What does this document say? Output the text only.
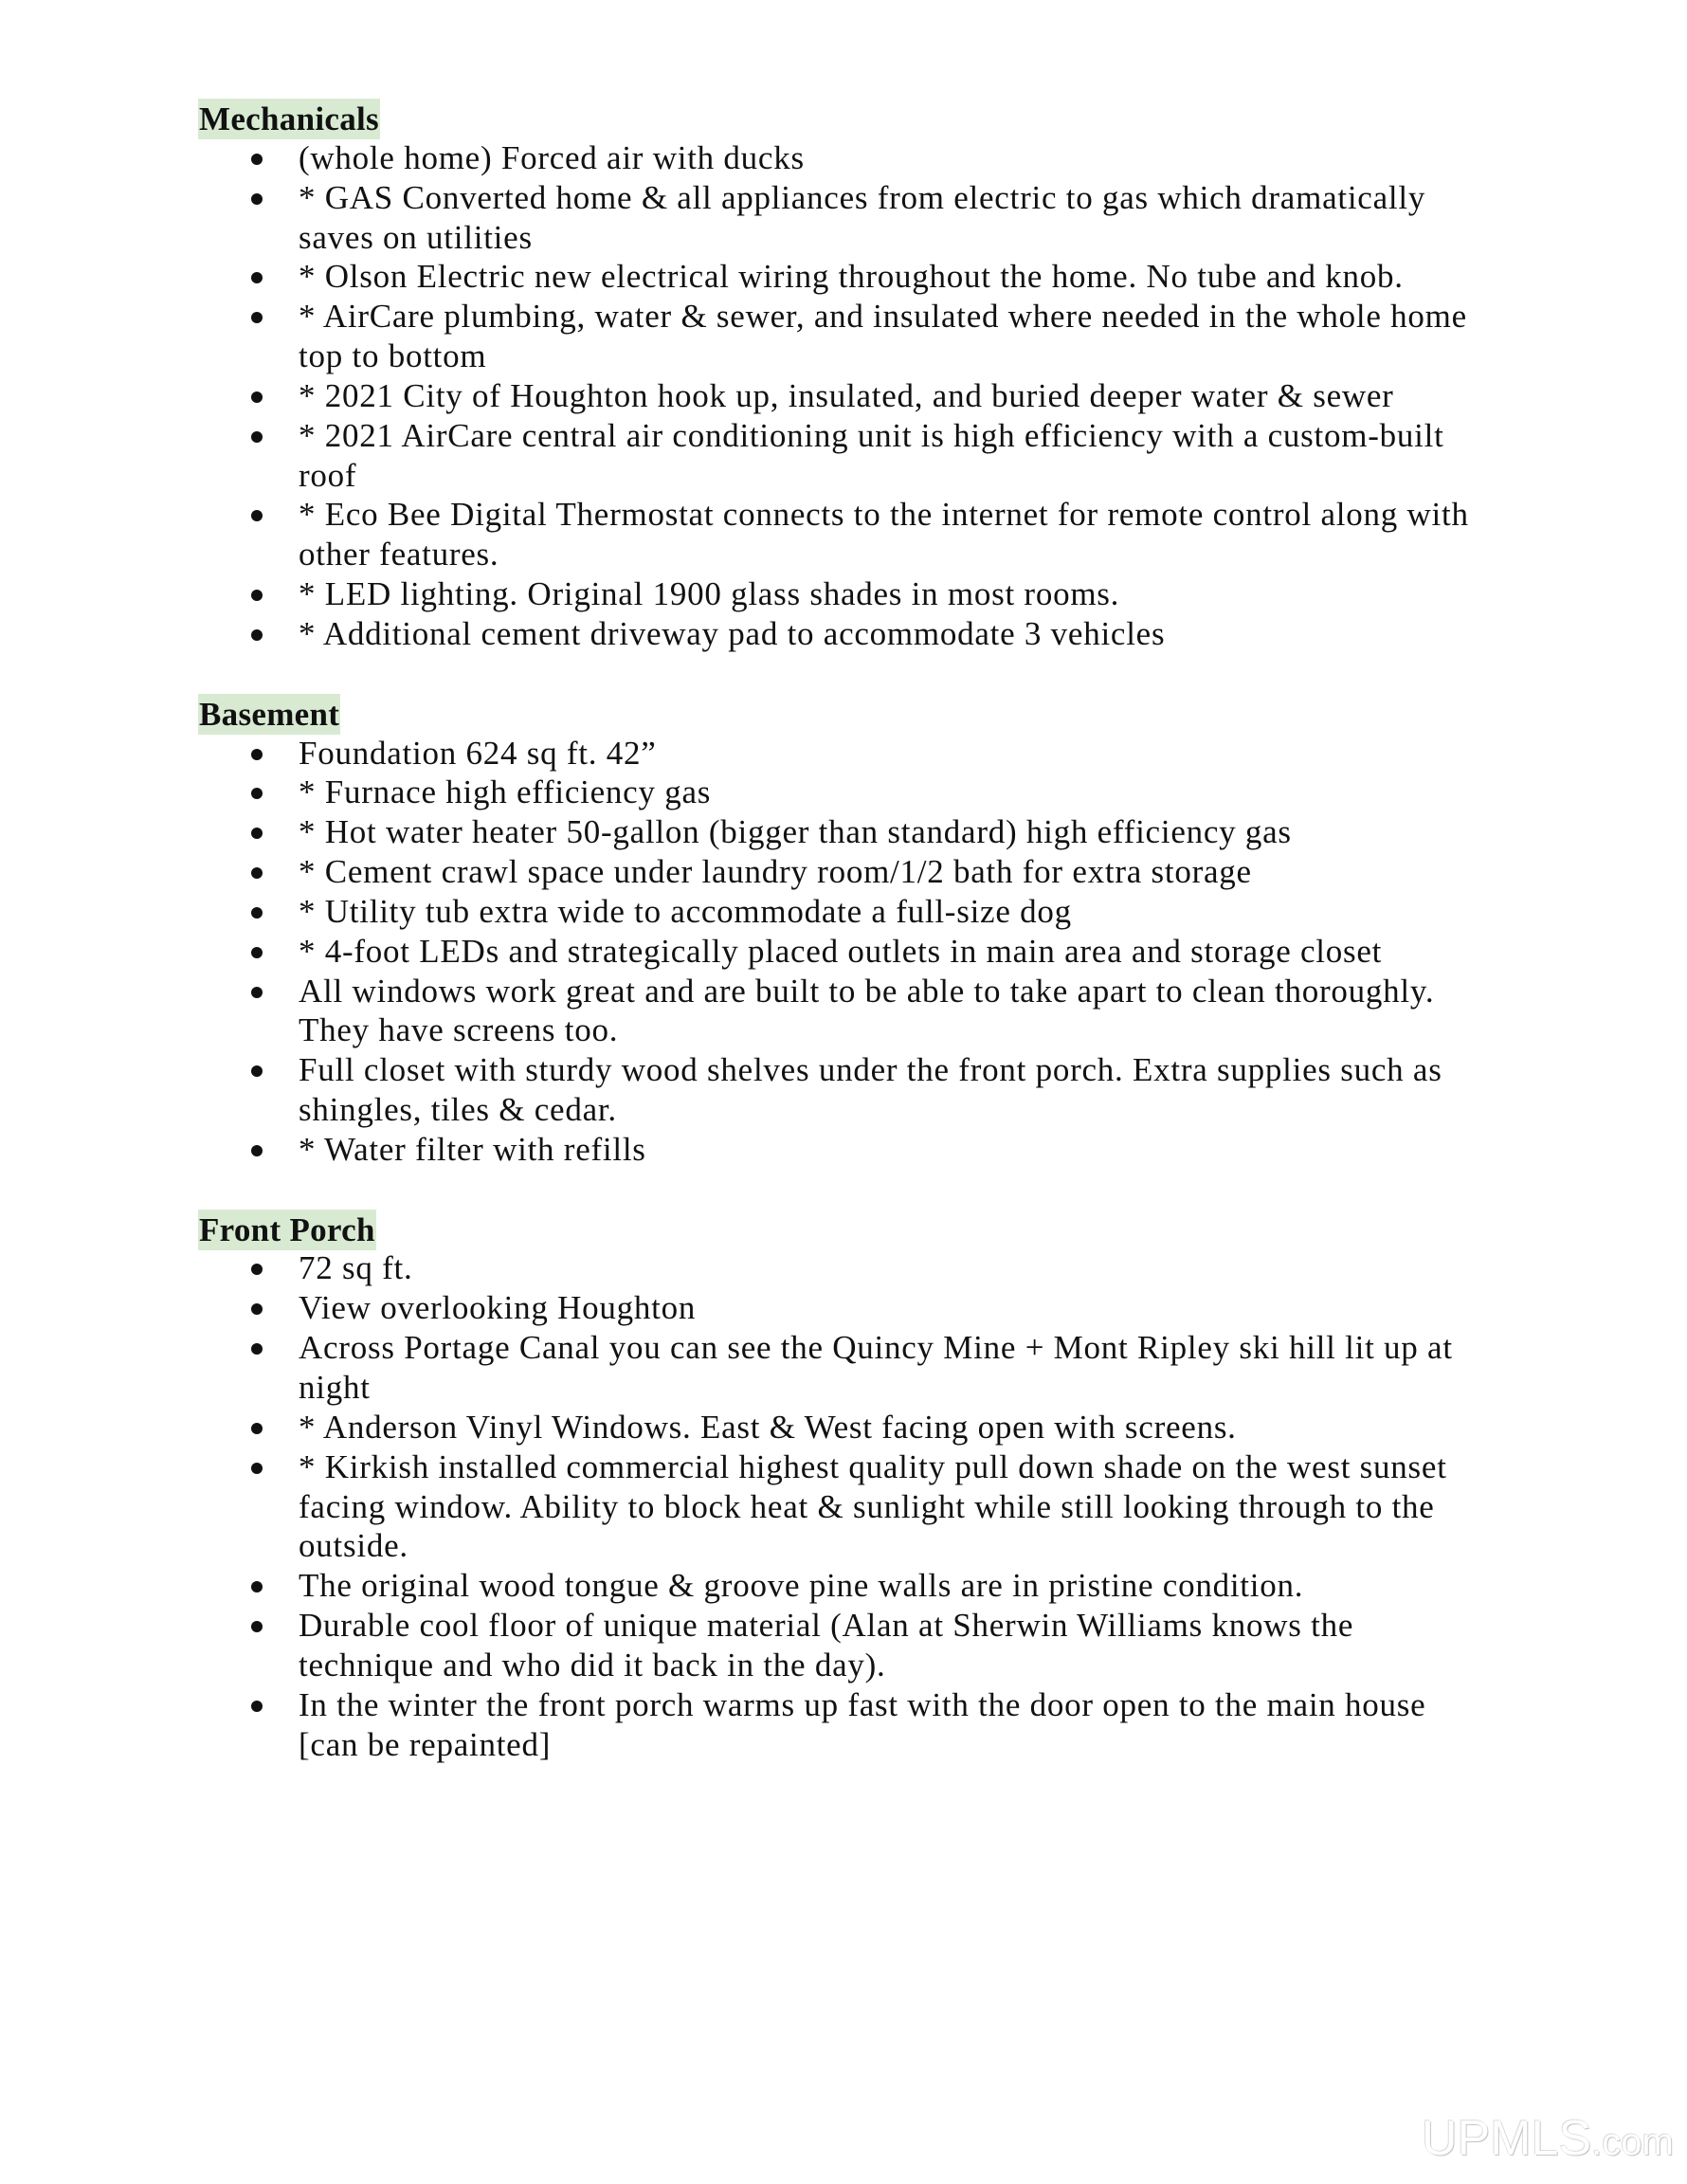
Mechanicals
(whole home) Forced air with ducks
* GAS Converted home & all appliances from electric to gas which dramatically
saves on utilities
* Olson Electric new electrical wiring throughout the home. No tube and knob.
* AirCare plumbing, water & sewer, and insulated where needed in the whole home
top to bottom
* 2021 City of Houghton hook up, insulated, and buried deeper water & sewer
* 2021 AirCare central air conditioning unit is high efficiency with a custom-built
roof
* Eco Bee Digital Thermostat connects to the internet for remote control along with
other features.
* LED lighting. Original 1900 glass shades in most rooms.
* Additional cement driveway pad to accommodate 3 vehicles
Basement
Foundation 624 sq ft. 42”
* Furnace high efficiency gas
* Hot water heater 50-gallon (bigger than standard) high efficiency gas
* Cement crawl space under laundry room/1/2 bath for extra storage
* Utility tub extra wide to accommodate a full-size dog
* 4-foot LEDs and strategically placed outlets in main area and storage closet
All windows work great and are built to be able to take apart to clean thoroughly.
They have screens too.
Full closet with sturdy wood shelves under the front porch. Extra supplies such as
shingles, tiles & cedar.
* Water filter with refills
Front Porch
72 sq ft.
View overlooking Houghton
Across Portage Canal you can see the Quincy Mine + Mont Ripley ski hill lit up at
night
* Anderson Vinyl Windows. East & West facing open with screens.
* Kirkish installed commercial highest quality pull down shade on the west sunset
facing window. Ability to block heat & sunlight while still looking through to the
outside.
The original wood tongue & groove pine walls are in pristine condition.
Durable cool floor of unique material (Alan at Sherwin Williams knows the
technique and who did it back in the day).
In the winter the front porch warms up fast with the door open to the main house
[can be repainted]
UPMLS.com
